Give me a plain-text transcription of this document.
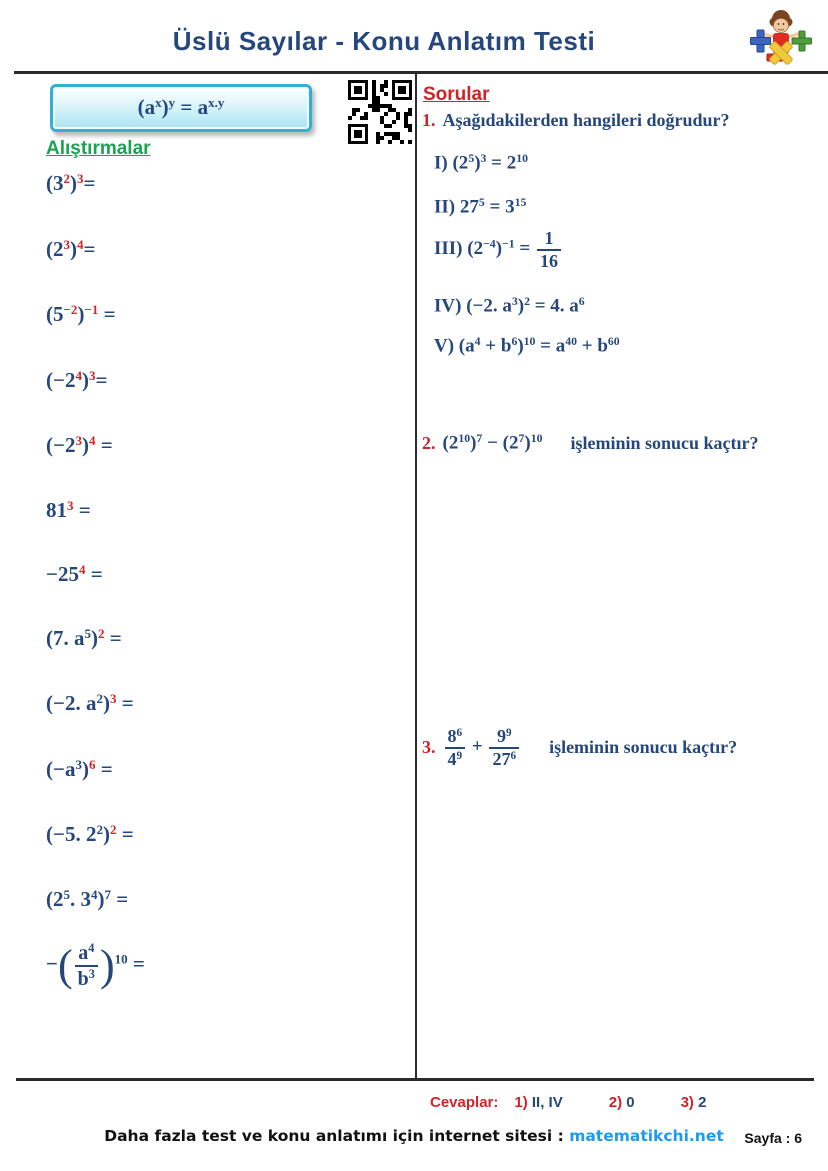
Üslü Sayılar - Konu Anlatım Testi
$(a^x)^y = a^{x.y}$
Alıştırmalar
Sorular
$(3^2)^3=$
$(2^3)^4=$
$(5^{-2})^{-1}$ =
$(-2^4)^3=$
$(-2^3)^4$ =
$81^3$ =
$-25^4$ =
(7. $a^5)^2$ =
(−2. $a^2)^3$ =
$(-a^3)^6$ =
(−5. $2^2)^2$ =
($2^5$. $3^4)^7$ =
−( $\frac{a^4}{b^3} )^{10}$ =
1. Aşağıdakilerden hangileri doğrudur?
I) $(2^5)^3 = 2^{10}$
II) $27^5 = 3^{15}$
III) $(2^{-4})^{-1} = \frac{1}{16}$
IV) (−2. $a^3)^2 = 4$. $a^6$
V) $(a^4 + b^6)^{10} = a^{40} + b^{60}$
2. $(2^{10})^7 - (2^7)^{10}$ işleminin sonucu kaçtır?
3. $\frac{8^6}{4^9} + \frac{9^9}{27^6}$ işleminin sonucu kaçtır?
Cevaplar: 1) II, IV	2) 0	3) 2
Daha fazla test ve konu anlatımı için internet sitesi : matematikchi.net	Sayfa : 6
